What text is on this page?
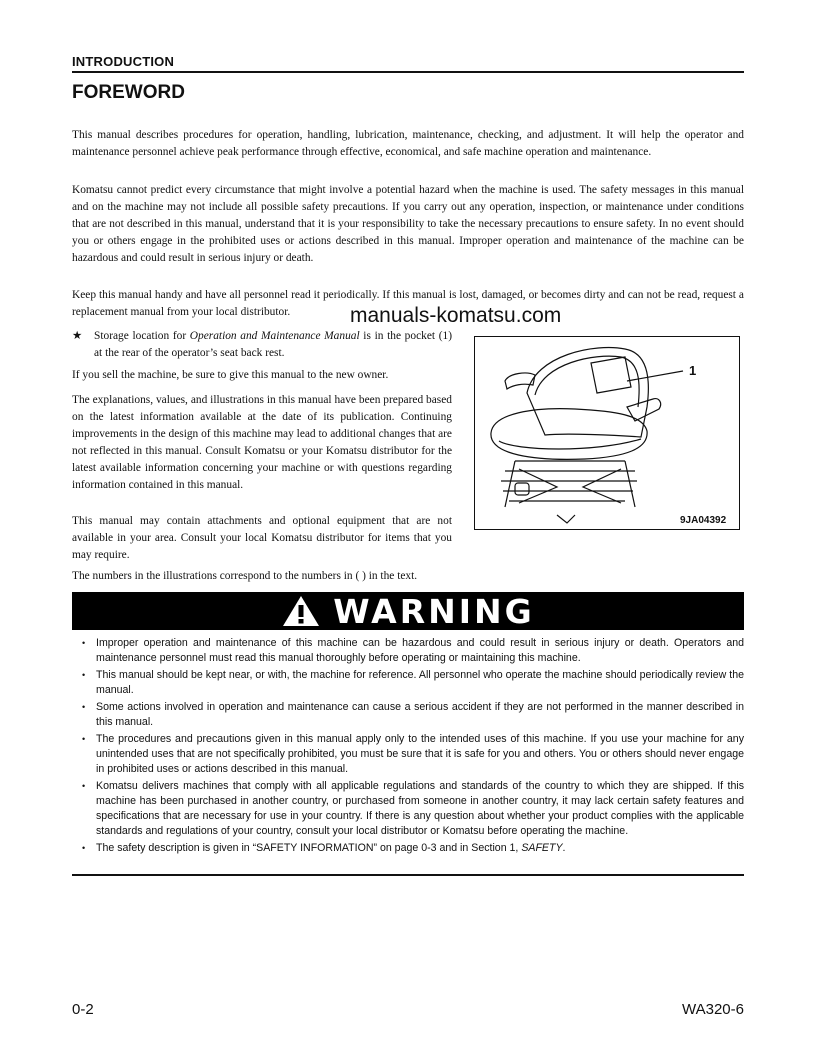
INTRODUCTION
FOREWORD

This manual describes procedures for operation, handling, lubrication, maintenance, checking, and adjustment. It will help the operator and maintenance personnel achieve peak performance through effective, economical, and safe machine operation and maintenance.

Komatsu cannot predict every circumstance that might involve a potential hazard when the machine is used. The safety messages in this manual and on the machine may not include all possible safety precautions. If you carry out any operation, inspection, or maintenance under conditions that are not described in this manual, understand that it is your responsibility to take the necessary precautions to ensure safety. In no event should you or others engage in the prohibited uses or actions described in this manual. Improper operation and maintenance of the machine can be hazardous and could result in serious injury or death.

Keep this manual handy and have all personnel read it periodically. If this manual is lost, damaged, or becomes dirty and can not be read, request a replacement manual from your local distributor.

★ Storage location for Operation and Maintenance Manual is in the pocket (1) at the rear of the operator’s seat back rest.

If you sell the machine, be sure to give this manual to the new owner.

The explanations, values, and illustrations in this manual have been prepared based on the latest information available at the date of its publication. Continuing improvements in the design of this machine may lead to additional changes that are not reflected in this manual. Consult Komatsu or your Komatsu distributor for the latest available information concerning your machine or with questions regarding information contained in this manual.

This manual may contain attachments and optional equipment that are not available in your area. Consult your local Komatsu distributor for items that you may require.

The numbers in the illustrations correspond to the numbers in ( ) in the text.

manuals-komatsu.com
1
9JA04392
WARNING
• Improper operation and maintenance of this machine can be hazardous and could result in serious injury or death. Operators and maintenance personnel must read this manual thoroughly before operating or maintaining this machine.
• This manual should be kept near, or with, the machine for reference. All personnel who operate the machine should periodically review the manual.
• Some actions involved in operation and maintenance can cause a serious accident if they are not performed in the manner described in this manual.
• The procedures and precautions given in this manual apply only to the intended uses of this machine. If you use your machine for any unintended uses that are not specifically prohibited, you must be sure that it is safe for you and others. You or others should never engage in prohibited uses or actions described in this manual.
• Komatsu delivers machines that comply with all applicable regulations and standards of the country to which they are shipped. If this machine has been purchased in another country, or purchased from someone in another country, it may lack certain safety features and specifications that are necessary for use in your country. If there is any question about whether your product complies with the applicable standards and regulations of your country, consult your local distributor or Komatsu before operating the machine.
• The safety description is given in “SAFETY INFORMATION” on page 0-3 and in Section 1, SAFETY.
0-2	WA320-6
